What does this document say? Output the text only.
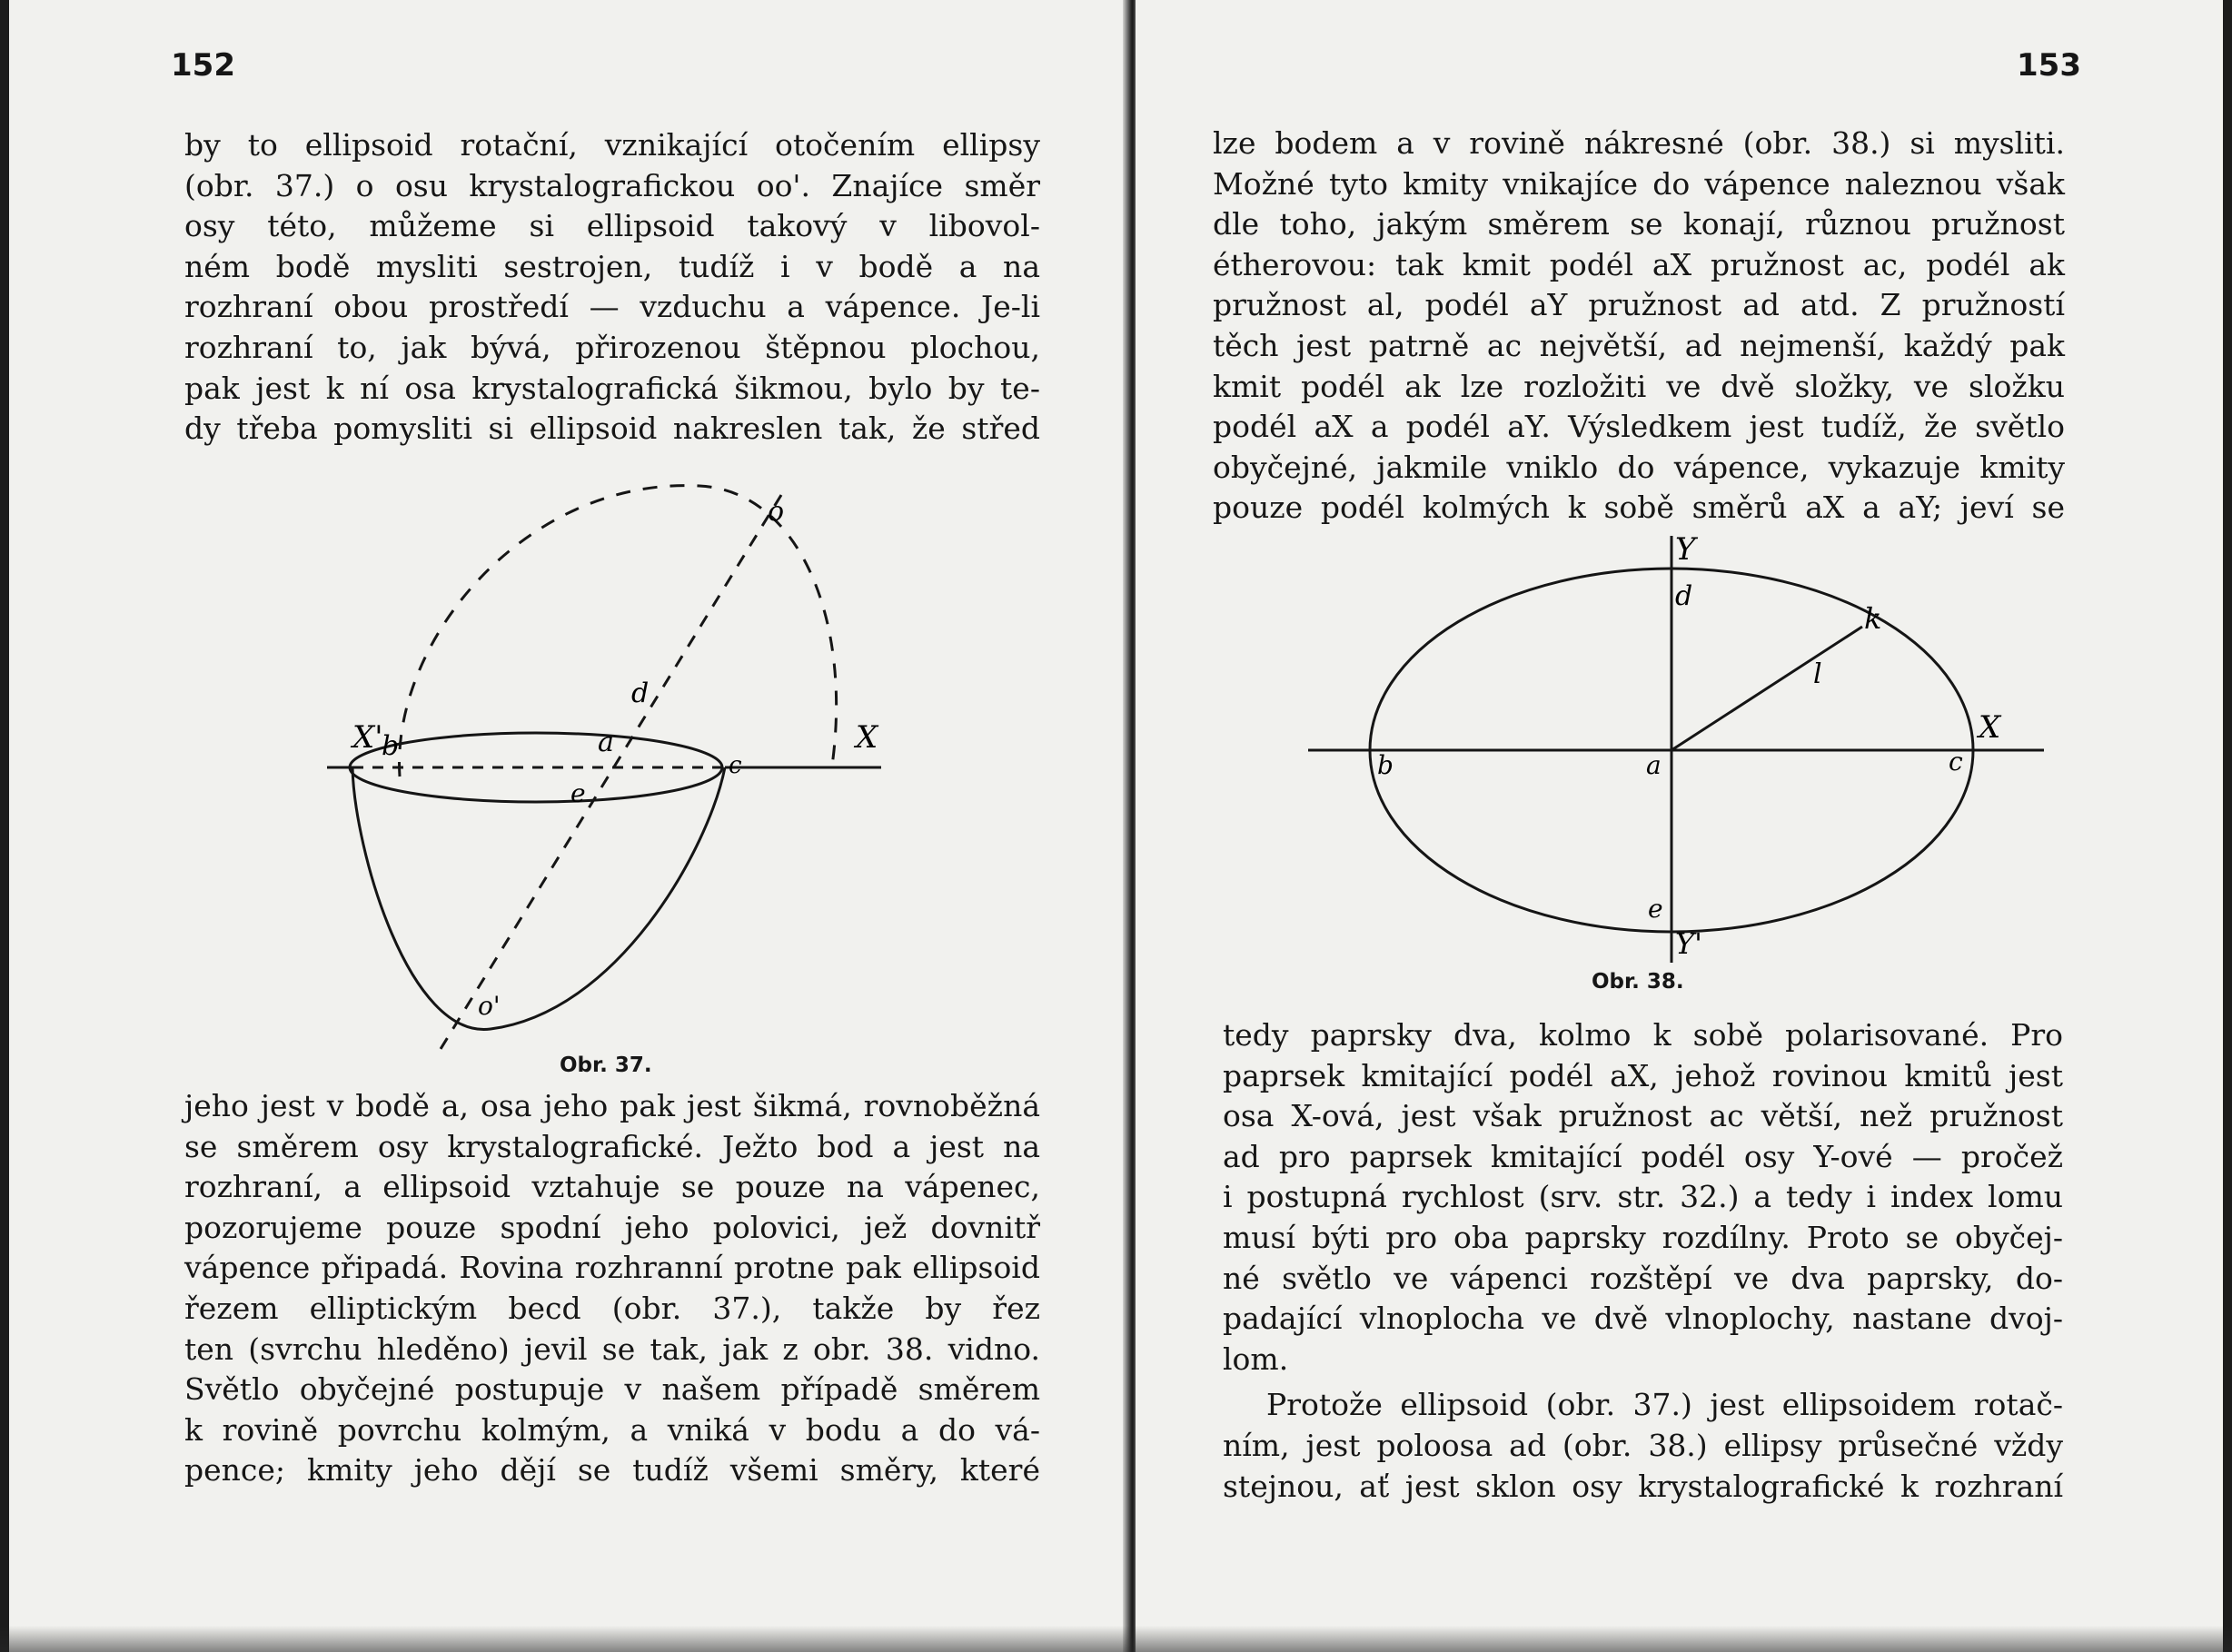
152
by to ellipsoid rotační, vznikající otočením ellipsy
(obr. 37.) o osu krystalografickou oo'. Znajíce směr
osy této, můžeme si ellipsoid takový v libovol-
ném bodě mysliti sestrojen, tudíž i v bodě a na
rozhraní obou prostředí — vzduchu a vápence. Je-li
rozhraní to, jak bývá, přirozenou štěpnou plochou,
pak jest k ní osa krystalografická šikmou, bylo by te-
dy třeba pomysliti si ellipsoid nakreslen tak, že střed
X'
b	X
c
a
d
e
o
o'
Obr. 37.
jeho jest v bodě a, osa jeho pak jest šikmá, rovnoběžná
se směrem osy krystalografické. Ježto bod a jest na
rozhraní, a ellipsoid vztahuje se pouze na vápenec,
pozorujeme pouze spodní jeho polovici, jež dovnitř
vápence připadá. Rovina rozhranní protne pak ellipsoid
řezem elliptickým becd (obr. 37.), takže by řez
ten (svrchu hleděno) jevil se tak, jak z obr. 38. vidno.
Světlo obyčejné postupuje v našem případě směrem
k rovině povrchu kolmým, a vniká v bodu a do vá-
pence; kmity jeho dějí se tudíž všemi směry, které
153
lze bodem a v rovině nákresné (obr. 38.) si mysliti.
Možné tyto kmity vnikajíce do vápence naleznou však
dle toho, jakým směrem se konají, různou pružnost
étherovou: tak kmit podél aX pružnost ac, podél ak
pružnost al, podél aY pružnost ad atd. Z pružností
těch jest patrně ac největší, ad nejmenší, každý pak
kmit podél ak lze rozložiti ve dvě složky, ve složku
podél aX a podél aY. Výsledkem jest tudíž, že světlo
obyčejné, jakmile vniklo do vápence, vykazuje kmity
pouze podél kolmých k sobě směrů aX a aY; jeví se
Y
d
k
l
X
b	a	c
e
Y'
Obr. 38.
tedy paprsky dva, kolmo k sobě polarisované. Pro
paprsek kmitající podél aX, jehož rovinou kmitů jest
osa X-ová, jest však pružnost ac větší, než pružnost
ad pro paprsek kmitající podél osy Y-ové — pročež
i postupná rychlost (srv. str. 32.) a tedy i index lomu
musí býti pro oba paprsky rozdílny. Proto se obyčej-
né světlo ve vápenci rozštěpí ve dva paprsky, do-
padající vlnoplocha ve dvě vlnoplochy, nastane dvoj-
lom.
Protože ellipsoid (obr. 37.) jest ellipsoidem rotač-
ním, jest poloosa ad (obr. 38.) ellipsy průsečné vždy
stejnou, ať jest sklon osy krystalografické k rozhraní
